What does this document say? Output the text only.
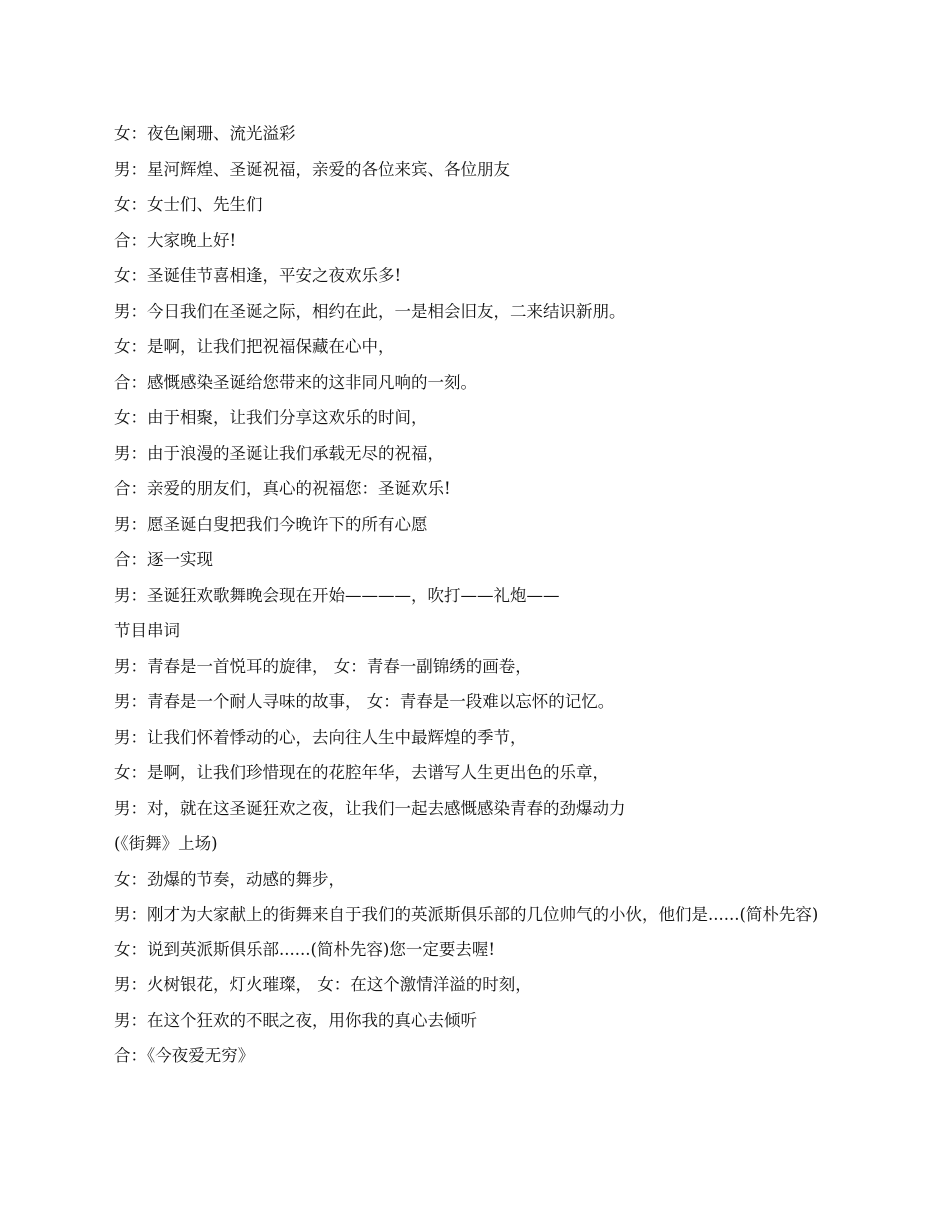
女：夜色阑珊、流光溢彩

男：星河辉煌、圣诞祝福，亲爱的各位来宾、各位朋友

女：女士们、先生们

合：大家晚上好!

女：圣诞佳节喜相逢，平安之夜欢乐多!

男：今日我们在圣诞之际，相约在此，一是相会旧友，二来结识新朋。

女：是啊，让我们把祝福保藏在心中，

合：感慨感染圣诞给您带来的这非同凡响的一刻。

女：由于相聚，让我们分享这欢乐的时间，

男：由于浪漫的圣诞让我们承载无尽的祝福，

合：亲爱的朋友们，真心的祝福您：圣诞欢乐!

男：愿圣诞白叟把我们今晚许下的所有心愿

合：逐一实现

男：圣诞狂欢歌舞晚会现在开始————，吹打——礼炮——

节目串词

男：青春是一首悦耳的旋律， 女：青春一副锦绣的画卷，

男：青春是一个耐人寻味的故事， 女：青春是一段难以忘怀的记忆。

男：让我们怀着悸动的心，去向往人生中最辉煌的季节，

女：是啊，让我们珍惜现在的花腔年华，去谱写人生更出色的乐章，

男：对，就在这圣诞狂欢之夜，让我们一起去感慨感染青春的劲爆动力

(《街舞》上场)

女：劲爆的节奏，动感的舞步，

男：刚才为大家献上的街舞来自于我们的英派斯俱乐部的几位帅气的小伙，他们是......(简朴先容)

女：说到英派斯俱乐部......(简朴先容)您一定要去喔!

男：火树银花，灯火璀璨， 女：在这个激情洋溢的时刻，

男：在这个狂欢的不眠之夜，用你我的真心去倾听

合：《今夜爱无穷》
